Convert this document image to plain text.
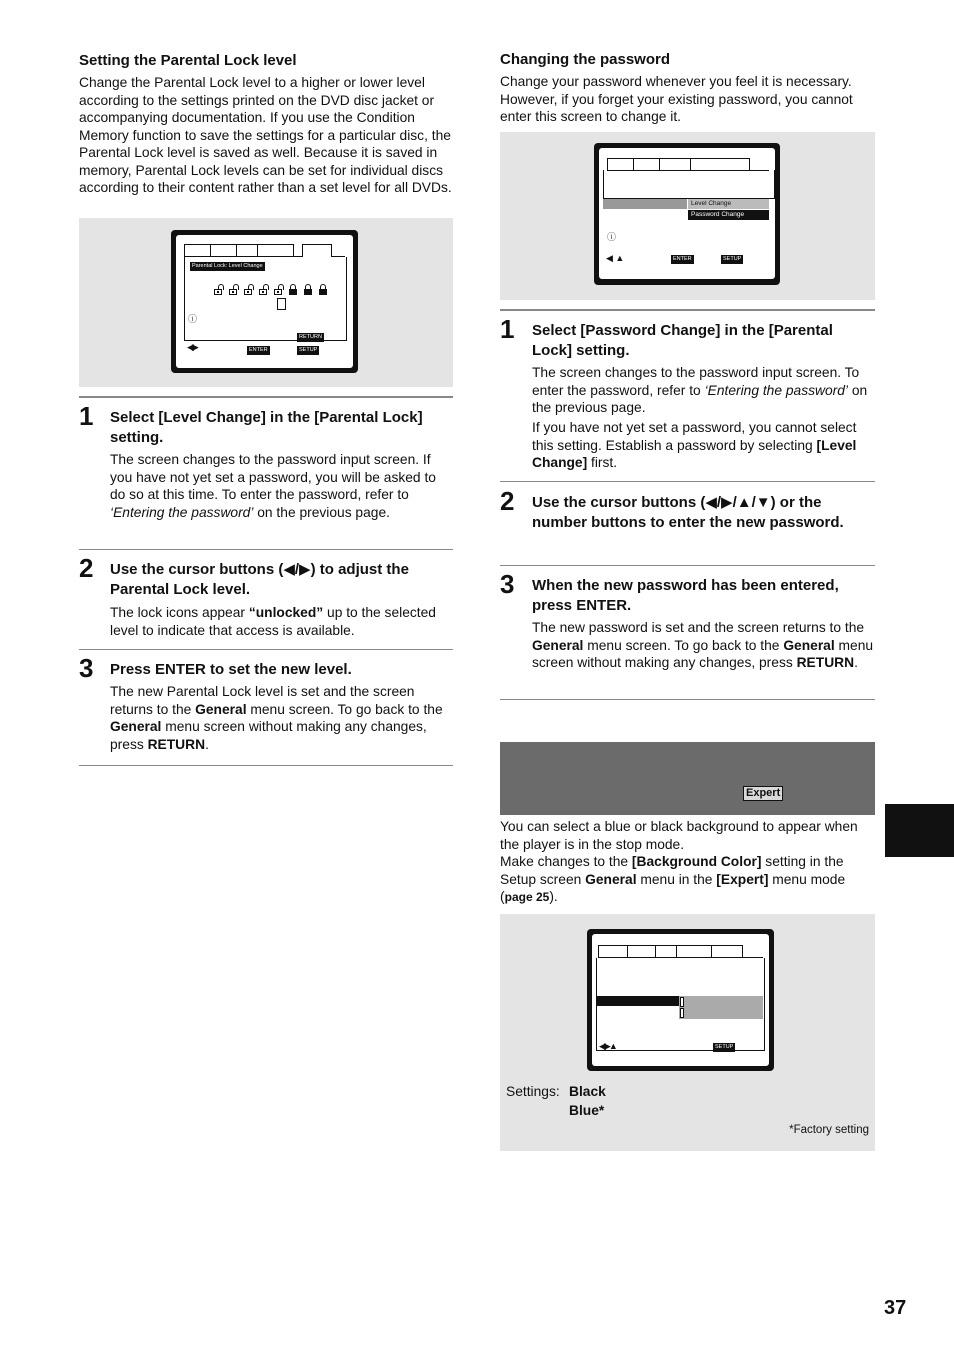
Setting the Parental Lock level

Change the Parental Lock level to a higher or lower level according to the settings printed on the DVD disc jacket or accompanying documentation. If you use the Condition Memory function to save the settings for a particular disc, the Parental Lock level is saved as well. Because it is saved in memory, Parental Lock levels can be set for individual discs according to their content rather than a set level for all DVDs.

Parental Lock: Level Change
ⓘ
RETURN
◀▶	ENTER	SETUP
1 Select [Level Change] in the [Parental Lock] setting.

The screen changes to the password input screen. If you have not yet set a password, you will be asked to do so at this time. To enter the password, refer to ‘Entering the password’ on the previous page.

2 Use the cursor buttons (◀/▶) to adjust the Parental Lock level.

The lock icons appear “unlocked” up to the selected level to indicate that access is available.

3 Press ENTER to set the new level.

The new Parental Lock level is set and the screen returns to the General menu screen. To go back to the General menu screen without making any changes, press RETURN.

Changing the password

Change your password whenever you feel it is necessary. However, if you forget your existing password, you cannot enter this screen to change it.

Level Change
Password Change
ⓘ
◀ ▲	ENTER	SETUP
1 Select [Password Change] in the [Parental Lock] setting.

The screen changes to the password input screen. To enter the password, refer to ‘Entering the password’ on the previous page.

If you have not yet set a password, you cannot select this setting. Establish a password by selecting [Level Change] first.

2 Use the cursor buttons (◀/▶/▲/▼) or the number buttons to enter the new password.

3 When the new password has been entered, press ENTER.

The new password is set and the screen returns to the General menu screen. To go back to the General menu screen without making any changes, press RETURN.

Expert

You can select a blue or black background to appear when the player is in the stop mode.

Make changes to the [Background Color] setting in the Setup screen General menu in the [Expert] menu mode (page 25).

◀▶▲	SETUP
Settings: Black
Blue*
*Factory setting
37
